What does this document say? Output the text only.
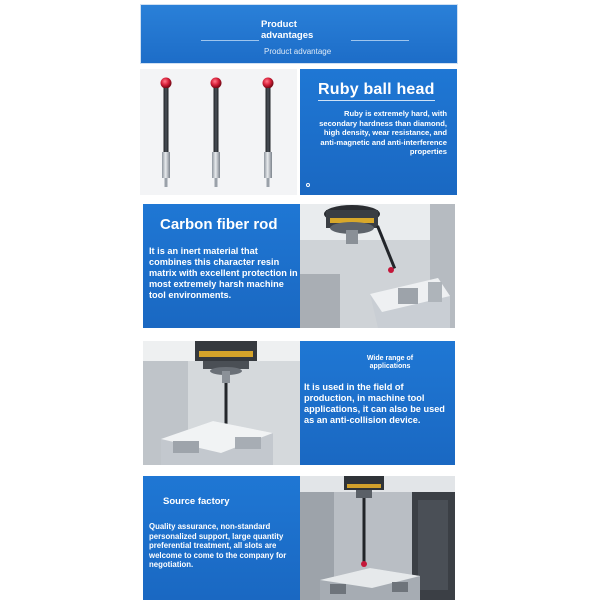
Product advantages
Product advantage
Ruby ball head
Ruby is extremely hard, with secondary hardness than diamond, high density, wear resistance, and anti-magnetic and anti-interference properties
Carbon fiber rod
It is an inert material that combines this character resin matrix with excellent protection in most extremely harsh machine tool environments.
Wide range of applications
It is used in the field of production, in machine tool applications, it can also be used as an anti-collision device.
Source factory
Quality assurance, non-standard personalized support, large quantity preferential treatment, all slots are welcome to come to the company for negotiation.
